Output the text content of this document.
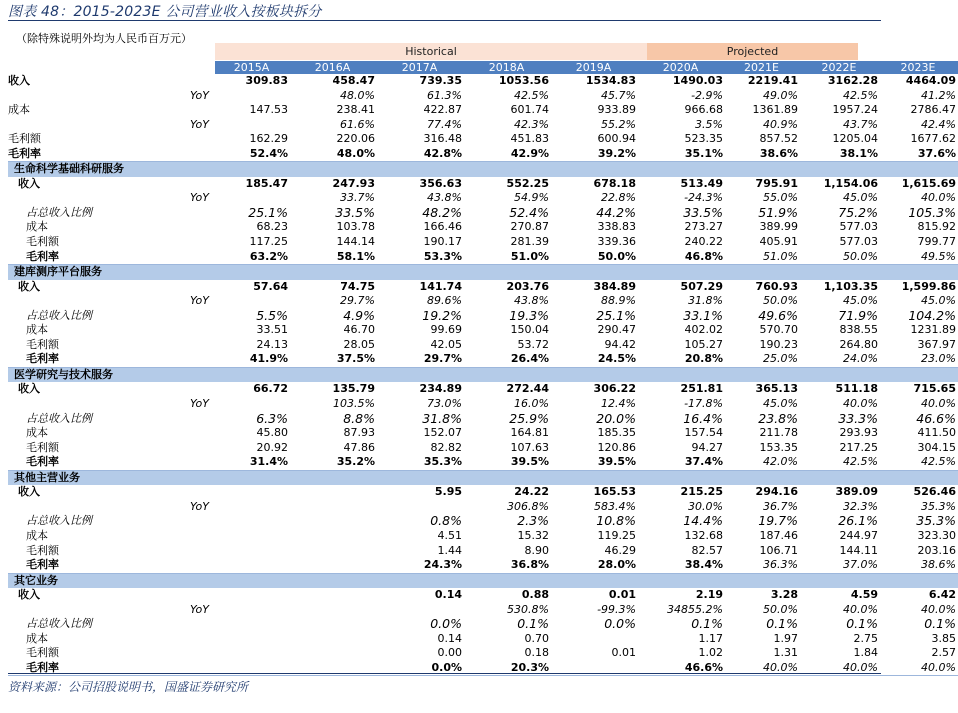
图表 48：2015-2023E 公司营业收入按板块拆分
（除特殊说明外均为人民币百万元）
Historical	Projected
		2015A	2016A	2017A	2018A	2019A	2020A	2021E	2022E	2023E
收入		309.83	458.47	739.35	1053.56	1534.83	1490.03	2219.41	3162.28	4464.09
	YoY		48.0%	61.3%	42.5%	45.7%	-2.9%	49.0%	42.5%	41.2%
成本		147.53	238.41	422.87	601.74	933.89	966.68	1361.89	1957.24	2786.47
	YoY		61.6%	77.4%	42.3%	55.2%	3.5%	40.9%	43.7%	42.4%
毛利额		162.29	220.06	316.48	451.83	600.94	523.35	857.52	1205.04	1677.62
毛利率		52.4%	48.0%	42.8%	42.9%	39.2%	35.1%	38.6%	38.1%	37.6%
生命科学基础科研服务										
收入		185.47	247.93	356.63	552.25	678.18	513.49	795.91	1,154.06	1,615.69
	YoY		33.7%	43.8%	54.9%	22.8%	-24.3%	55.0%	45.0%	40.0%
占总收入比例		25.1%	33.5%	48.2%	52.4%	44.2%	33.5%	51.9%	75.2%	105.3%
成本		68.23	103.78	166.46	270.87	338.83	273.27	389.99	577.03	815.92
毛利额		117.25	144.14	190.17	281.39	339.36	240.22	405.91	577.03	799.77
毛利率		63.2%	58.1%	53.3%	51.0%	50.0%	46.8%	51.0%	50.0%	49.5%
建库测序平台服务										
收入		57.64	74.75	141.74	203.76	384.89	507.29	760.93	1,103.35	1,599.86
	YoY		29.7%	89.6%	43.8%	88.9%	31.8%	50.0%	45.0%	45.0%
占总收入比例		5.5%	4.9%	19.2%	19.3%	25.1%	33.1%	49.6%	71.9%	104.2%
成本		33.51	46.70	99.69	150.04	290.47	402.02	570.70	838.55	1231.89
毛利额		24.13	28.05	42.05	53.72	94.42	105.27	190.23	264.80	367.97
毛利率		41.9%	37.5%	29.7%	26.4%	24.5%	20.8%	25.0%	24.0%	23.0%
医学研究与技术服务										
收入		66.72	135.79	234.89	272.44	306.22	251.81	365.13	511.18	715.65
	YoY		103.5%	73.0%	16.0%	12.4%	-17.8%	45.0%	40.0%	40.0%
占总收入比例		6.3%	8.8%	31.8%	25.9%	20.0%	16.4%	23.8%	33.3%	46.6%
成本		45.80	87.93	152.07	164.81	185.35	157.54	211.78	293.93	411.50
毛利额		20.92	47.86	82.82	107.63	120.86	94.27	153.35	217.25	304.15
毛利率		31.4%	35.2%	35.3%	39.5%	39.5%	37.4%	42.0%	42.5%	42.5%
其他主营业务										
收入				5.95	24.22	165.53	215.25	294.16	389.09	526.46
	YoY				306.8%	583.4%	30.0%	36.7%	32.3%	35.3%
占总收入比例				0.8%	2.3%	10.8%	14.4%	19.7%	26.1%	35.3%
成本				4.51	15.32	119.25	132.68	187.46	244.97	323.30
毛利额				1.44	8.90	46.29	82.57	106.71	144.11	203.16
毛利率				24.3%	36.8%	28.0%	38.4%	36.3%	37.0%	38.6%
其它业务										
收入				0.14	0.88	0.01	2.19	3.28	4.59	6.42
	YoY				530.8%	-99.3%	34855.2%	50.0%	40.0%	40.0%
占总收入比例				0.0%	0.1%	0.0%	0.1%	0.1%	0.1%	0.1%
成本				0.14	0.70		1.17	1.97	2.75	3.85
毛利额				0.00	0.18	0.01	1.02	1.31	1.84	2.57
毛利率				0.0%	20.3%		46.6%	40.0%	40.0%	40.0%
资料来源：公司招股说明书，国盛证券研究所
